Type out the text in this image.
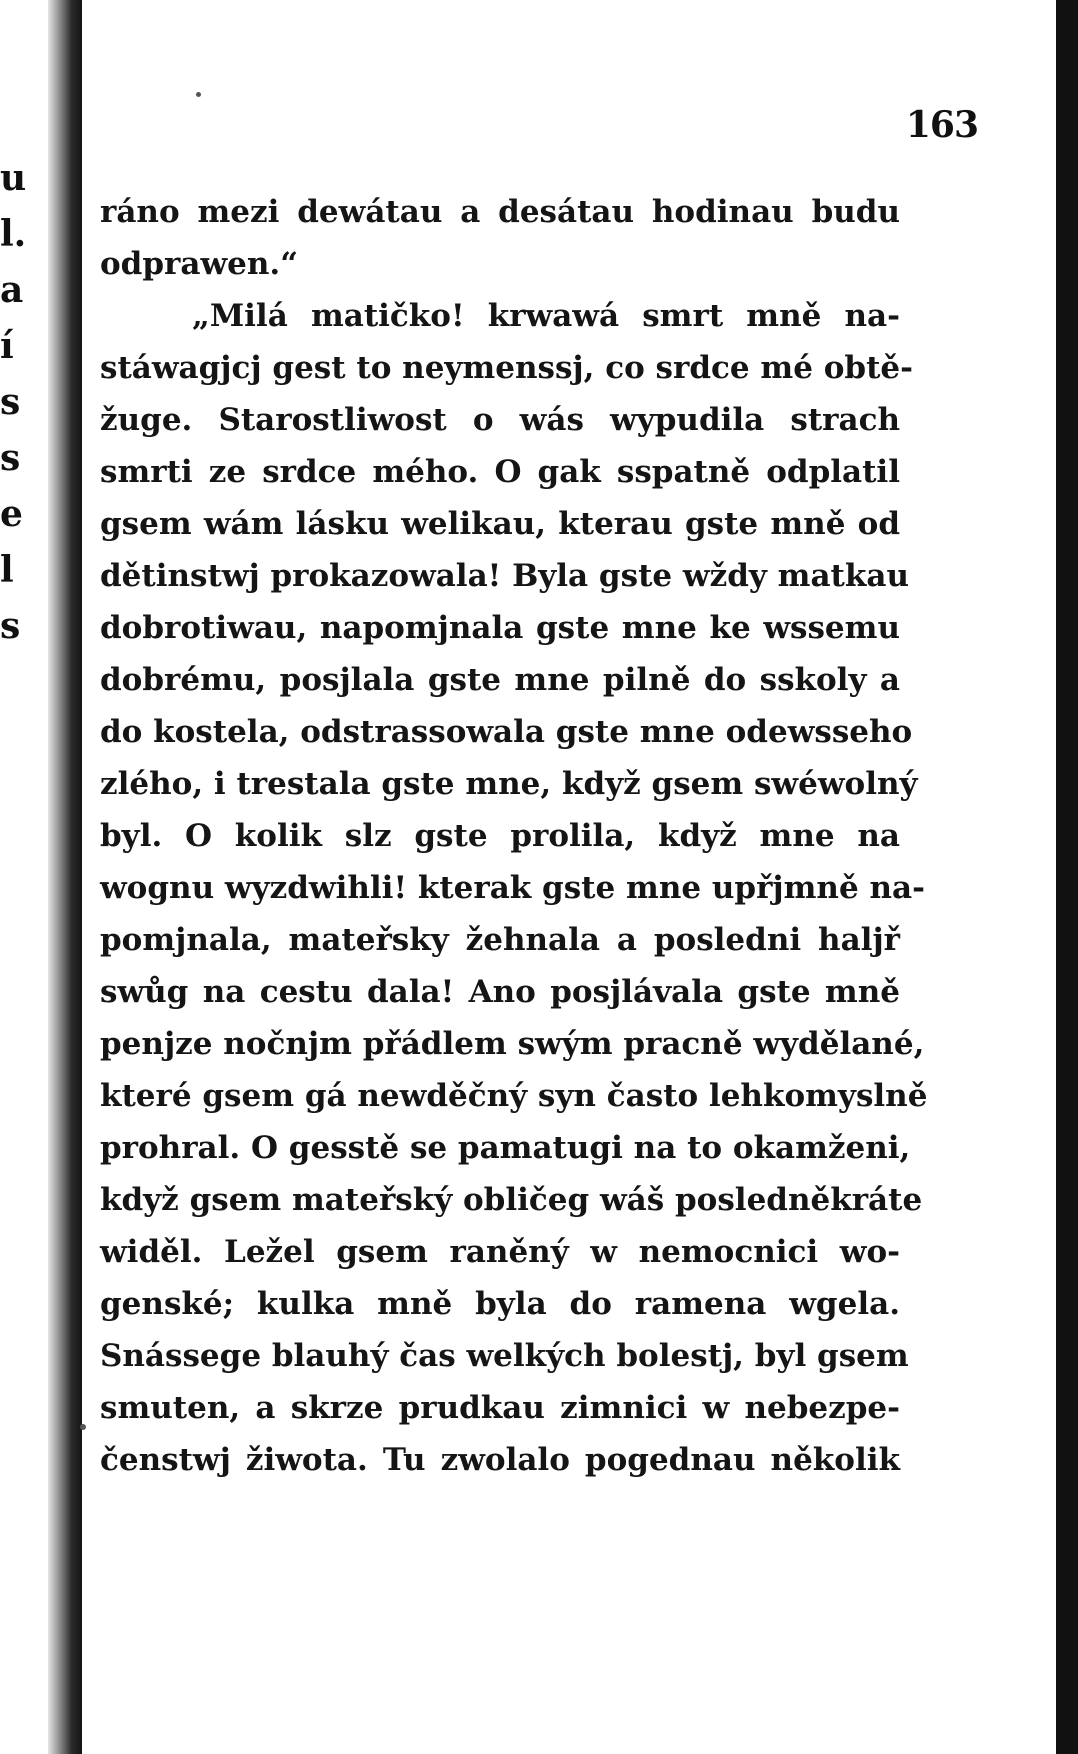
u
l.
a
í
s
s
e
l
s
163
ráno mezi dewátau a desátau hodinau budu
odprawen.“
„Milá matičko! krwawá smrt mně na‑
stáwagjcj gest to neymenssj, co srdce mé obtě‑
žuge. Starostliwost o wás wypudila strach
smrti ze srdce mého. O gak sspatně odplatil
gsem wám lásku welikau, kterau gste mně od
dětinstwj prokazowala! Byla gste wždy matkau
dobrotiwau, napomjnala gste mne ke wssemu
dobrému, posjlala gste mne pilně do sskoly a
do kostela, odstrassowala gste mne odewsseho
zlého, i trestala gste mne, když gsem swéwolný
byl. O kolik slz gste prolila, když mne na
wognu wyzdwihli! kterak gste mne upřjmně na‑
pomjnala, mateřsky žehnala a posledni haljř
swůg na cestu dala! Ano posjlávala gste mně
penjze nočnjm přádlem swým pracně wydělané,
které gsem gá newděčný syn často lehkomyslně
prohral. O gesstě se pamatugi na to okamženi,
když gsem mateřský obličeg wáš posledněkráte
widěl. Ležel gsem raněný w nemocnici wo‑
genské; kulka mně byla do ramena wgela.
Snássege blauhý čas welkých bolestj, byl gsem
smuten, a skrze prudkau zimnici w nebezpe‑
čenstwj žiwota. Tu zwolalo pogednau několik
